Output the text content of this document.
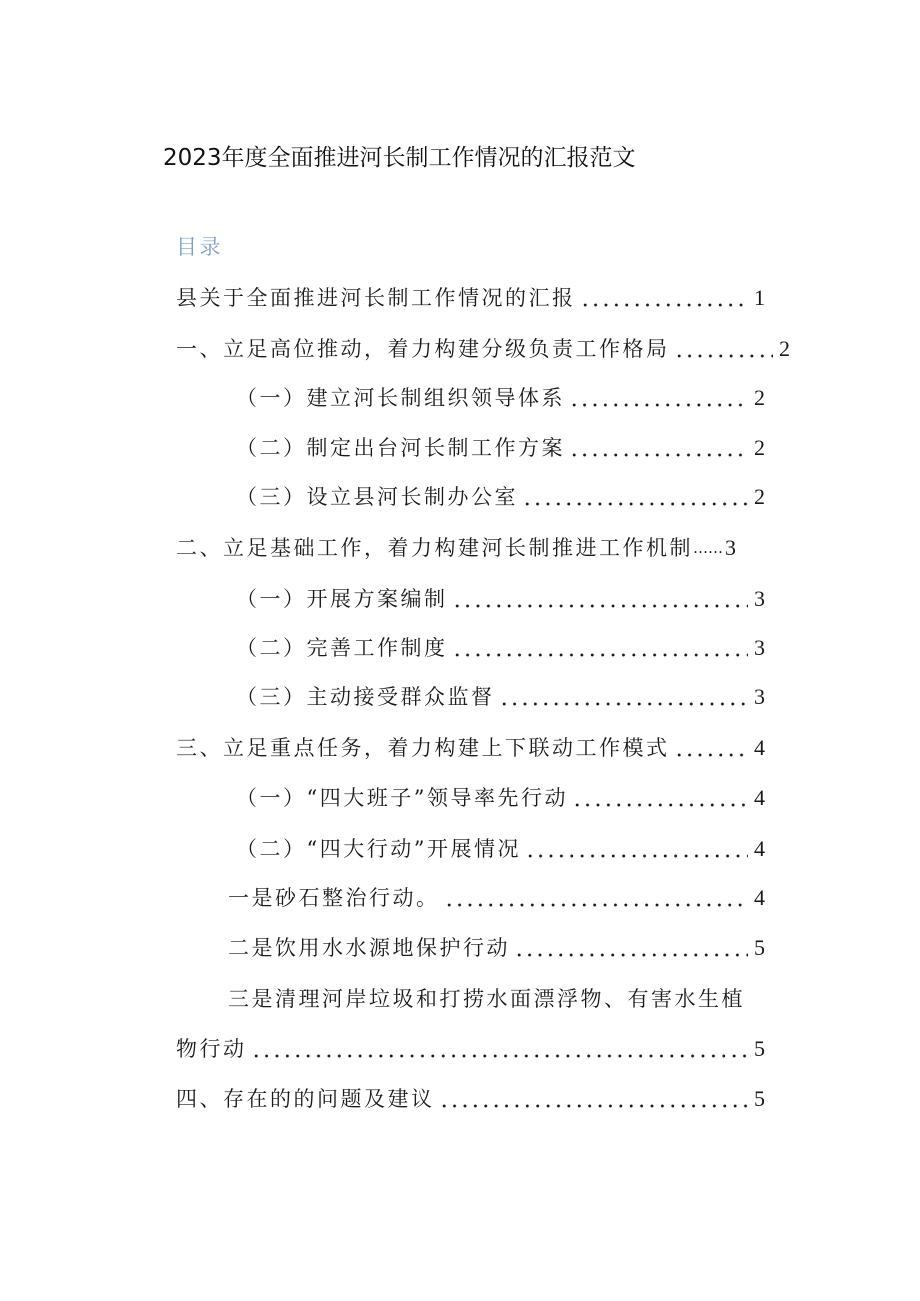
2023年度全面推进河长制工作情况的汇报范文
目录
县关于全面推进河长制工作情况的汇报	1
一、立足高位推动，着力构建分级负责工作格局	2
（一）建立河长制组织领导体系	2
（二）制定出台河长制工作方案	2
（三）设立县河长制办公室	2
二、立足基础工作，着力构建河长制推进工作机制 …… 3
（一）开展方案编制	3
（二）完善工作制度	3
（三）主动接受群众监督	3
三、立足重点任务，着力构建上下联动工作模式	4
（一）“四大班子”领导率先行动	4
（二）“四大行动”开展情况	4
一是砂石整治行动。	4
二是饮用水水源地保护行动	5
三是清理河岸垃圾和打捞水面漂浮物、有害水生植
物行动	5
四、存在的的问题及建议	5
